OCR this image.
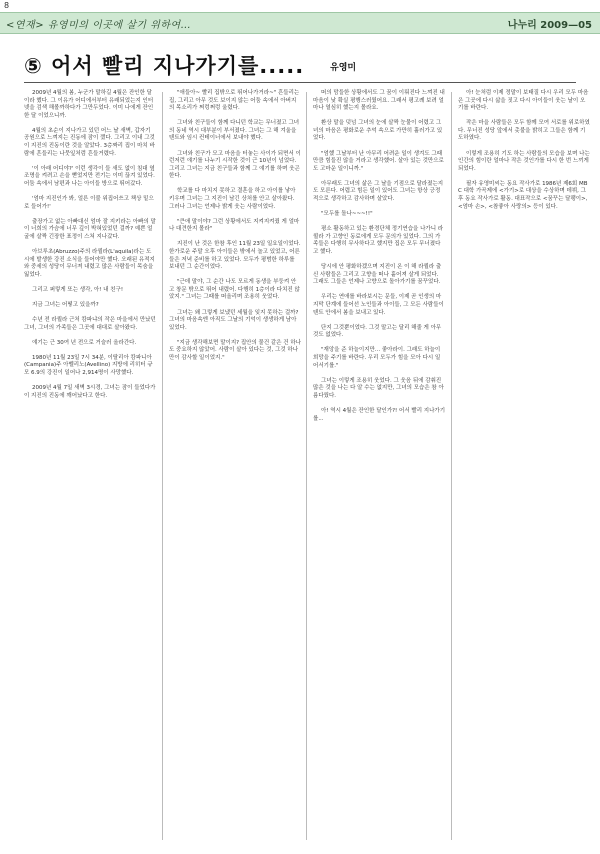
8
<연재> 유영미의 이곳에 살기 위하여…	나누리 2009—05
⑤ 어서 빨리 지나가기를.....	유영미

2009년 4월의 봄, 누군가 말하길 4월은 잔인한 달이라 했다. 그 이유가 어디에서부터 유래되었는지 인터넷을 검색 해볼까하다가 그만두었다. 이미 나에게 잔인한 달 이었으니까.

4월의 초순이 지나가고 있던 어느 날 새벽, 갑자기 공원으로 느껴지는 진동에 잠이 깼다. 그리고 이내 그것이 지진의 진동이란 것을 알았다. 3층짜리 집이 마치 바람에 흔들리는 나뭇잎처럼 흔들거렸다.

'이 아래 어디야?' 이런 생각이 들 새도 없이 침대 옆 조명을 켜려고 손을 뻗었지만 전기는 이미 끊겨 있었다. 어둠 속에서 남편과 나는 아이들 방으로 뛰어갔다.

'엄마 지진인가 봐, 얼른 이불 위집어쓰고 책상 밑으로 들어가!'

출장가고 없는 아빠대신 엄마 잘 지키라는 아빠의 말이 너희의 가슴에 너무 깊이 박혀있었던 걸까? 예쁜 얼굴에 살짝 긴장한 표정이 스쳐 지나갔다.

아브루초(Abruzzo)주의 라퀼라(L'aquila)라는 도시에 발생한 강진 소식을 들어야만 했다. 오래된 유적지와 중세의 성당이 무너져 내렸고 많은 사람들이 목숨을 잃었다.

그리고 퍼렇게 또는 생각, 아! 내 친구!

지금 그녀는 어떻고 있을까?

수년 전 라퀼라 근처 캄파냐의 작은 마을에서 만났던 그녀, 그녀의 가족들은 그곳에 대대로 살아왔다.

얘기는 근 30여 년 전으로 거슬러 올라간다.

1980년 11월 23일 7시 34분, 이탈리아 캄파니아(Campania)주 아벨리노(Avellino) 지방에 리히터 규모 6.9의 강진이 일어나 2,914명이 사망했다.

2009년 4월 7일 새벽 3시경, 그녀는 잠이 들었다가 이 지진의 진동에 깨어났다고 한다.

"애들아~ 빨리 집밖으로 뛰어나가거라~" 흔들리는 집, 그리고 아무 것도 보이지 않는 어둠 속에서 아버지의 목소리가 쩌렁쩌렁 울렸다.

그녀와 친구들이 함께 다니던 학교는 무너졌고 그녀의 동네 역시 대부분이 부서졌다. 그녀는 그 해 겨울을 텐트와 임시 컨테이너에서 보내야 했다.

그녀와 친구가 모고 마음을 터놓는 사이가 되면서 이런저런 얘기를 나누기 시작한 것이 근 10년이 넘었다. 그리고 그녀는 지금 친구들과 함께 그 얘기를 하며 웃곤 한다.

학교를 다 마치지 못하고 결혼을 하고 아이를 낳아 키우며 그녀는 그 지진이 남긴 상처를 안고 살아왔다. 그러나 그녀는 언제나 밝게 웃는 사람이었다.

"큰애 말이야? 그런 상황에서도 지켜지켜줬 게 얼마나 대견한지 몰라"

지진이 난 것은 한참 후인 11월 23일 일요일이었다. 한가로운 주말 오후 아이들은 밖에서 놀고 있었고, 어른들은 저녁 준비를 하고 있었다. 모두가 평범한 하루를 보내던 그 순간이었다.

"근데 말야, 그 순간 나도 모르게 동생을 부둥켜 안고 창문 밖으로 뛰어 내렸어. 다행히 1층이라 다치진 않았지." 그녀는 그때를 떠올리며 조용히 웃었다.

그녀는 왜 그렇게 보냈던 세월을 잊지 못하는 걸까? 그녀의 마음속엔 아직도 그날의 기억이 생생하게 남아 있었다.

"지금 생각해보면 말이지? 집안의 물건 같은 건 하나도 중요하지 않았어. 사람이 살아 있다는 것, 그것 하나만이 감사할 일이었지."

떠의 맘들한 상황에서도 그 꿈이 이뤄진다 느껴진 내 마음이 낮 확실 평행스러웠어요. 그래서 평고례 보려 얼마나 열심히 했는지 몰라요.

환상 말을 덧넘 그녀의 눈에 살짝 눈물이 어렸고 그녀의 마음은 평화로운 추억 속으로 가만히 흘러가고 있었다.

"엄했 그날부터 난 아무리 어려운 일이 생겨도 그때 만큼 힘들진 않을 거라고 생각했어. 살아 있는 것만으로도 고마운 일이니까."

아무래도 그녀의 삶은 그 날을 기점으로 달라졌는지도 모른다. 어렵고 힘든 일이 있어도 그녀는 항상 긍정적으로 생각하고 감사하며 살았다.

"모두를 돌나~~~!!"

평소 활동하고 있는 환경단체 정기연습을 나가니 라퀼라 가 고향인 동료에게 모두 문의가 있었다. 그의 가족들은 다행히 무사하다고 했지만 집은 모두 무너졌다고 했다.

당시에 안 평화하겠으며 지진이 온 이 해 라퀼라 출신 사람들은 그리고 고향을 떠나 흩어져 살게 되었다. 그래도 그들은 언제나 고향으로 돌아가기를 꿈꾸었다.

우리는 연애를 바라보시는 문들, 이제 곧 인생의 마지막 단계에 들어선 노인들과 아이들, 그 모든 사람들이 텐트 안에서 봄을 보내고 있다.

단지 그것뿐이었다. 그것 말고는 달리 해줄 게 아무것도 없었다.

"재앙을 준 하늘이지만... 좋아라이. 그래도 하늘이 희망을 주기를 바란다. 우리 모두가 힘을 모아 다시 일어서기를."

그녀는 이렇게 조용히 웃었다. 그 웃음 뒤에 감춰진 많은 것을 나는 다 알 수는 없지만, 그녀의 모습은 참 아름다웠다.

아! 역시 4월은 잔인한 달인가?! 어서 빨리 지나가기를...

아! 눈처럼 이제 정말이 보태질 다시 우리 모두 마음은 그곳에 다시 삶을 짓고 다시 아이들이 웃는 날이 오기를 바란다.

작은 마을 사람들은 모두 함께 모여 서로를 위로하였다. 무너진 성당 앞에서 촛불을 밝히고 그들은 함께 기도하였다.

이렇게 조용히 기도 하는 사람들의 모습을 보며 나는 인간의 힘이란 얼마나 작은 것인가를 다시 한 번 느끼게 되었다.

필자 유영미씨는 동요 작사가로 1986년 제6회 MBC 대학 가곡제에 <가기>로 대상을 수상하며 데뷔, 그 후 동요 작사가로 활동. 대표작으로 <꿈꾸는 달팽이>, <엄마 손>, <참좋아 사랑의> 등이 있다.
